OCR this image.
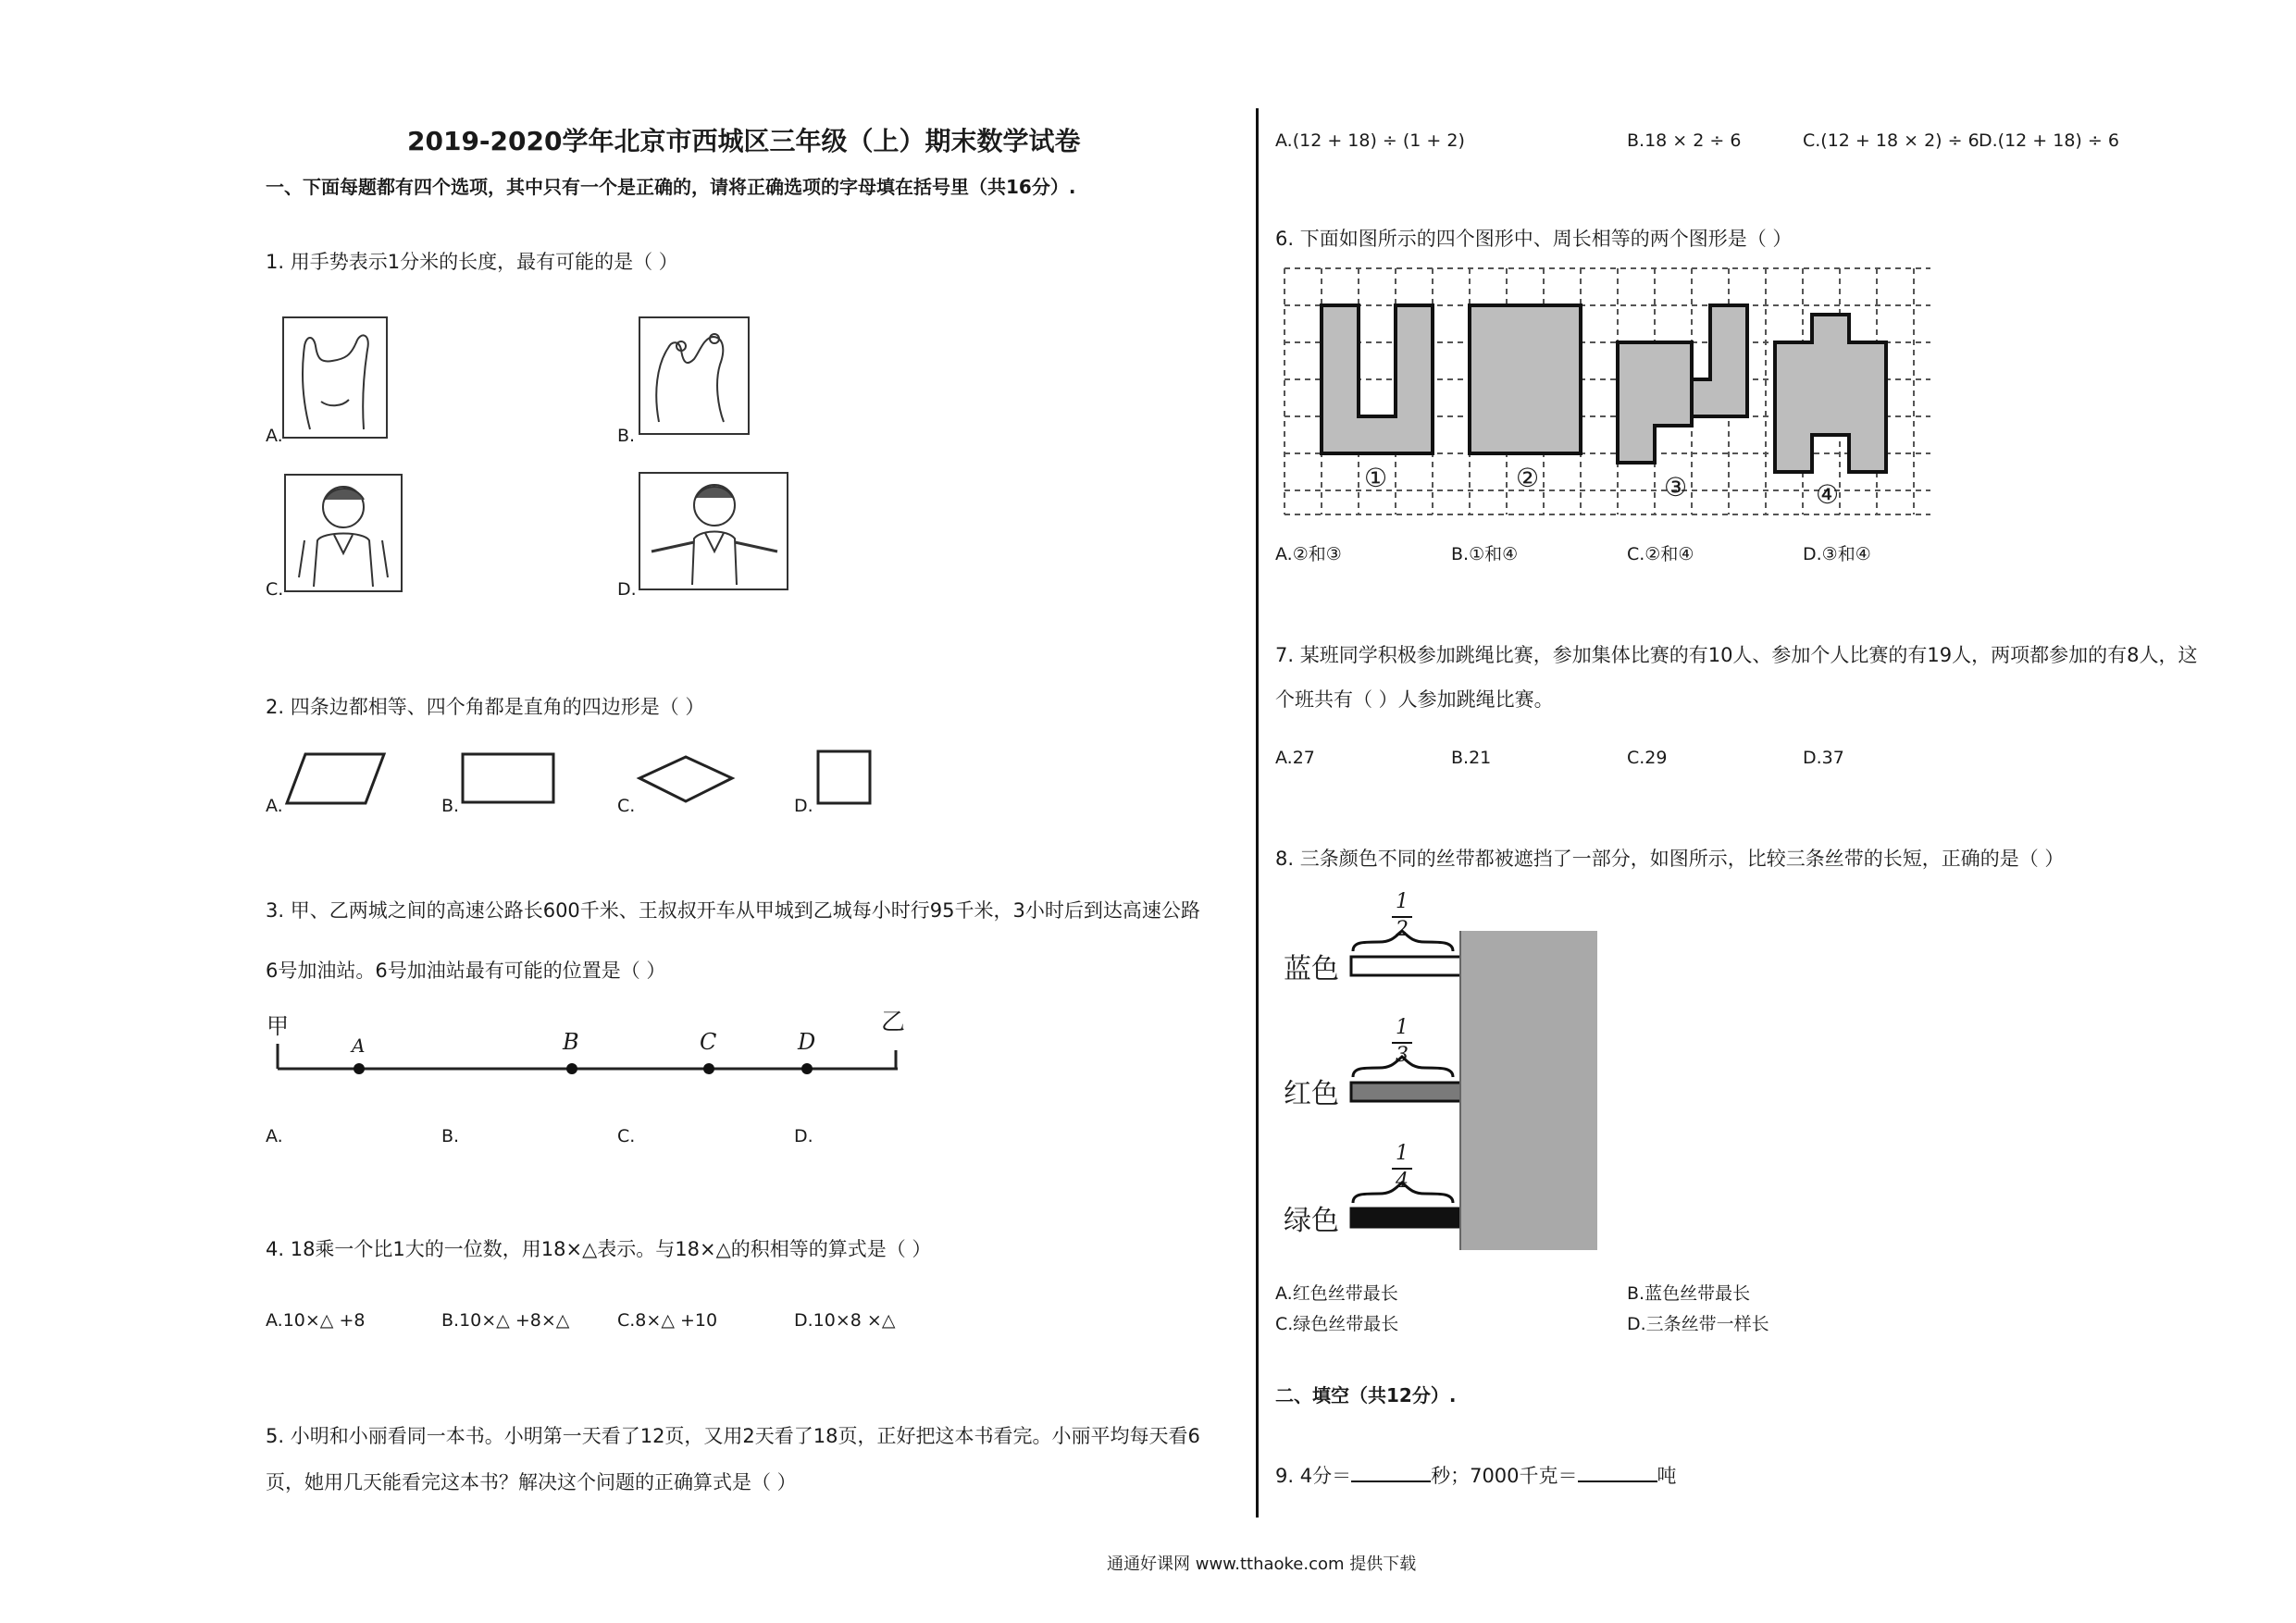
2019-2020学年北京市西城区三年级（上）期末数学试卷
一、下面每题都有四个选项，其中只有一个是正确的，请将正确选项的字母填在括号里（共16分）.
1. 用手势表示1分米的长度，最有可能的是（ ）
A.	B.
C.	D.
2. 四条边都相等、四个角都是直角的四边形是（ ）
A.	B.	C.	D.
3. 甲、乙两城之间的高速公路长600千米、王叔叔开车从甲城到乙城每小时行95千米，3小时后到达高速公路
6号加油站。6号加油站最有可能的位置是（ ）
甲	乙
A	B	C	D
A.	B.	C.	D.
4. 18乘一个比1大的一位数，用18×△表示。与18×△的积相等的算式是（ ）
A.10×△ +8	B.10×△ +8×△	C.8×△ +10	D.10×8 ×△
5. 小明和小丽看同一本书。小明第一天看了12页，又用2天看了18页，正好把这本书看完。小丽平均每天看6
页，她用几天能看完这本书？解决这个问题的正确算式是（ ）
A.(12 + 18) ÷ (1 + 2)	B.18 × 2 ÷ 6	C.(12 + 18 × 2) ÷ 6 D.(12 + 18) ÷ 6
6. 下面如图所示的四个图形中、周长相等的两个图形是（ ）
①	②	③	④
A.②和③	B.①和④	C.②和④	D.③和④
7. 某班同学积极参加跳绳比赛，参加集体比赛的有10人、参加个人比赛的有19人，两项都参加的有8人，这
个班共有（ ）人参加跳绳比赛。
A.27	B.21	C.29	D.37
8. 三条颜色不同的丝带都被遮挡了一部分，如图所示，比较三条丝带的长短，正确的是（ ）
1
2
蓝色
1
3
红色
1
4
绿色
A.红色丝带最长	B.蓝色丝带最长
C.绿色丝带最长	D.三条丝带一样长
二、填空（共12分）.
9. 4分＝	秒；7000千克＝	吨
通通好课网 www.tthaoke.com 提供下载
